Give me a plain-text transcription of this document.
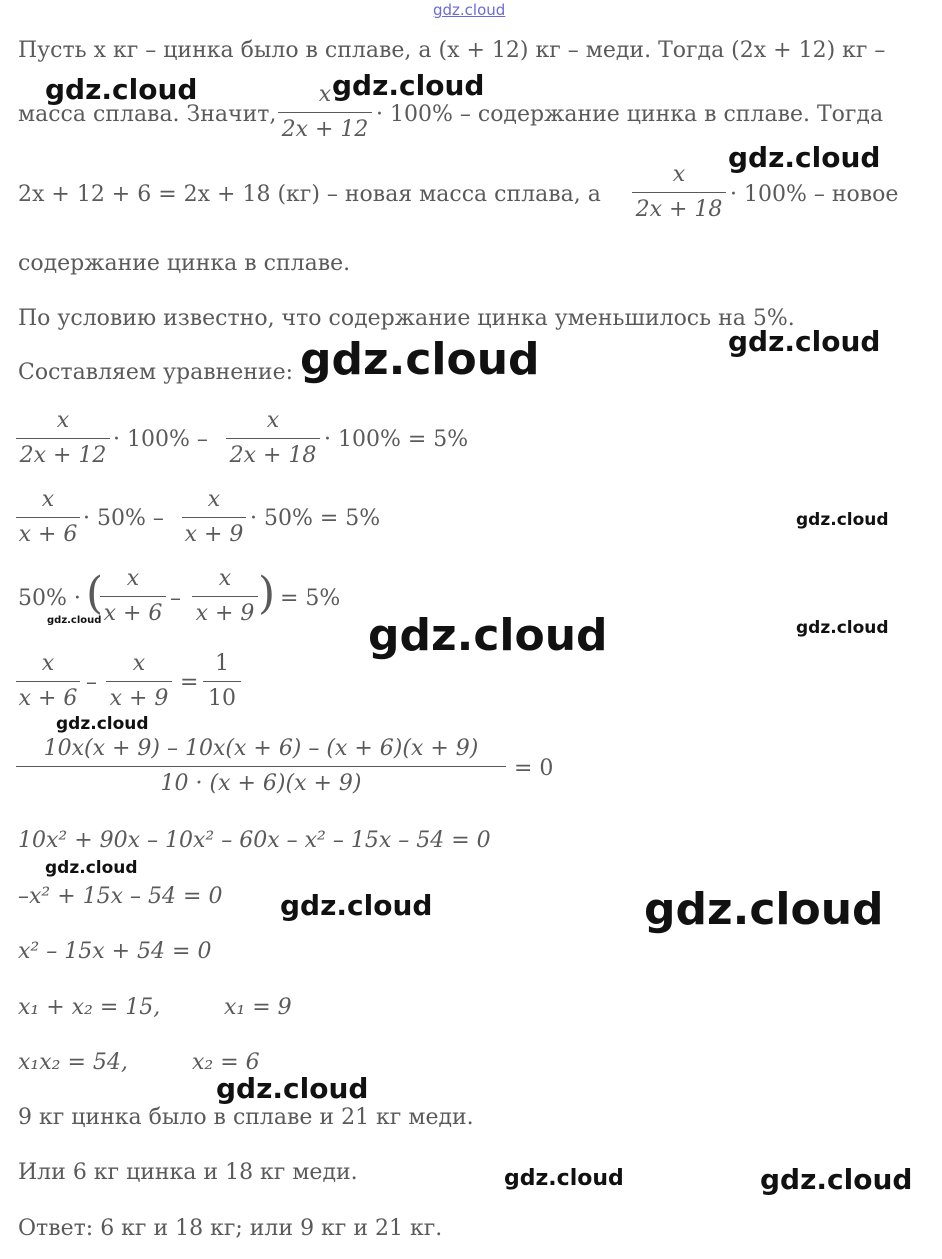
gdz.cloud
Пусть x кг – цинка было в сплаве, а (x + 12) кг – меди. Тогда (2x + 12) кг –
масса сплава. Значит,
x
2x + 12
· 100% – содержание цинка в сплаве. Тогда
2x + 12 + 6 = 2x + 18 (кг) – новая масса сплава, а
x
2x + 18
· 100% – новое
содержание цинка в сплаве.
По условию известно, что содержание цинка уменьшилось на 5%.
Составляем уравнение:
x
2x + 12
· 100% –
x
2x + 18
· 100% = 5%
x
x + 6
· 50% –
x
x + 9
· 50% = 5%
50% · (	x
x + 6
–
x
x + 9 ) = 5%
x
x + 6
–
x
x + 9
=
1
10
10x(x + 9) – 10x(x + 6) – (x + 6)(x + 9)
10 · (x + 6)(x + 9)
= 0
10x² + 90x – 10x² – 60x – x² – 15x – 54 = 0
–x² + 15x – 54 = 0
x² – 15x + 54 = 0
x₁ + x₂ = 15,	x₁ = 9
x₁x₂ = 54,	x₂ = 6
9 кг цинка было в сплаве и 21 кг меди.
Или 6 кг цинка и 18 кг меди.
Ответ: 6 кг и 18 кг; или 9 кг и 21 кг.
gdz.cloud	gdz.cloud
gdz.cloud
gdz.cloud
gdz.cloud
gdz.cloud
gdz.cloud	gdz.cloud	gdz.cloud
gdz.cloud
gdz.cloud
gdz.cloud	gdz.cloud
gdz.cloud
gdz.cloud	gdz.cloud
